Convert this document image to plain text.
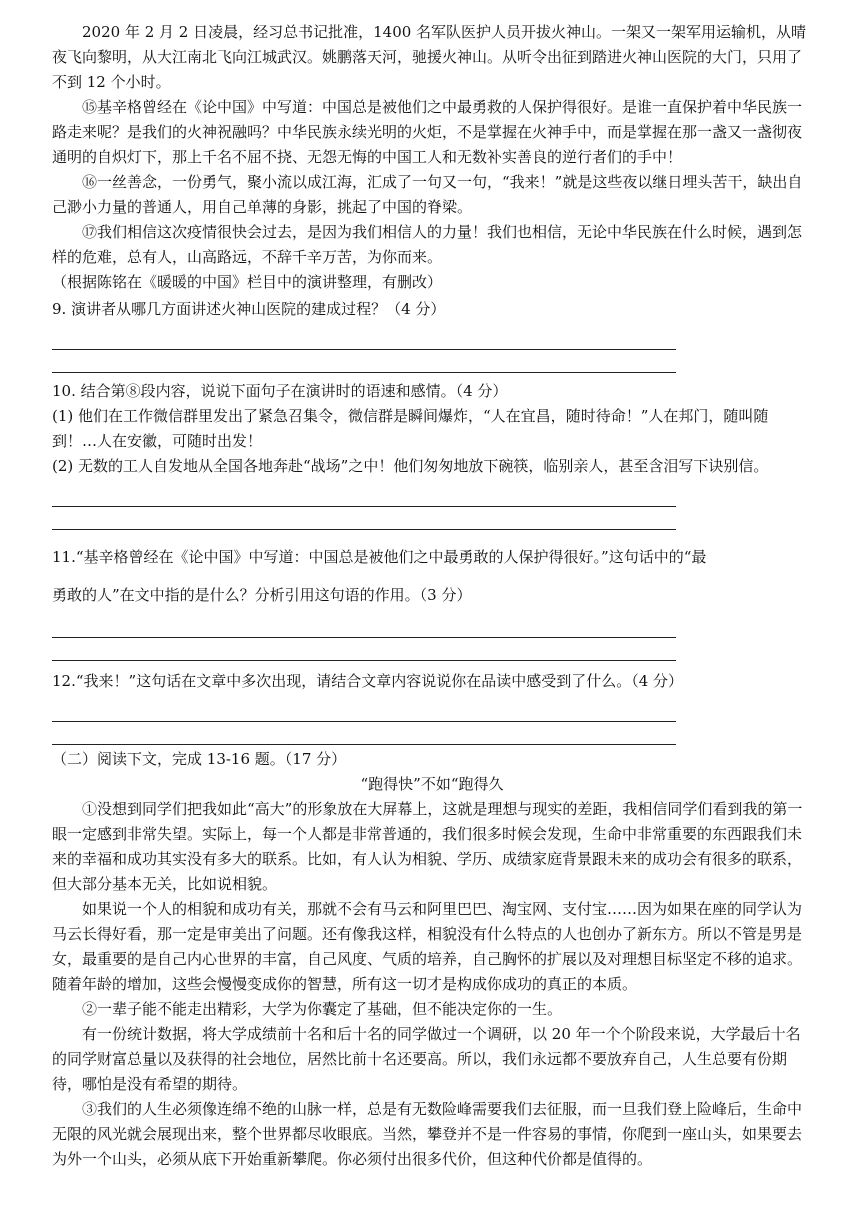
2020 年 2 月 2 日凌晨，经习总书记批准，1400 名军队医护人员开拔火神山。一架又一架军用运输机，从晴夜飞向黎明，从大江南北飞向江城武汉。姚鹏落天河，驰援火神山。从听令出征到踏进火神山医院的大门，只用了不到 12 个小时。

⑮基辛格曾经在《论中国》中写道：中国总是被他们之中最勇救的人保护得很好。是谁一直保护着中华民族一路走来呢？是我们的火神祝融吗？中华民族永续光明的火炬，不是掌握在火神手中，而是掌握在那一盏又一盏彻夜通明的自炽灯下，那上千名不屈不挠、无怨无悔的中国工人和无数补实善良的逆行者们的手中！

⑯一丝善念，一份勇气，聚小流以成江海，汇成了一句又一句，“我来！”就是这些夜以继日埋头苦干，缺出自己渺小力量的普通人，用自己单薄的身影，挑起了中国的脊梁。

⑰我们相信这次疫情很快会过去，是因为我们相信人的力量！我们也相信，无论中华民族在什么时候，遇到怎样的危难，总有人，山高路远，不辞千辛万苦，为你而来。

（根据陈铭在《暖暖的中国》栏目中的演讲整理，有删改）

9. 演讲者从哪几方面讲述火神山医院的建成过程？（4 分）

10. 结合第⑧段内容，说说下面句子在演讲时的语速和感情。（4 分）

(1) 他们在工作微信群里发出了紧急召集令，微信群是瞬间爆炸，“人在宜昌，随时待命！”人在邦门，随叫随到！…人在安徽，可随时出发！

(2) 无数的工人自发地从全国各地奔赴“战场”之中！他们匆匆地放下碗筷，临别亲人，甚至含泪写下诀别信。

11.“基辛格曾经在《论中国》中写道：中国总是被他们之中最勇敢的人保护得很好。”这句话中的“最

勇敢的人”在文中指的是什么？分析引用这句语的作用。（3 分）

12.“我来！”这句话在文章中多次出现，请结合文章内容说说你在品读中感受到了什么。（4 分）

（二）阅读下文，完成 13-16 题。（17 分）

“跑得快”不如“跑得久

①没想到同学们把我如此“高大”的形象放在大屏幕上，这就是理想与现实的差距，我相信同学们看到我的第一眼一定感到非常失望。实际上，每一个人都是非常普通的，我们很多时候会发现，生命中非常重要的东西跟我们未来的幸福和成功其实没有多大的联系。比如，有人认为相貌、学历、成绩家庭背景跟未来的成功会有很多的联系，但大部分基本无关，比如说相貌。

如果说一个人的相貌和成功有关，那就不会有马云和阿里巴巴、淘宝网、支付宝……因为如果在座的同学认为马云长得好看，那一定是审美出了问题。还有像我这样，相貌没有什么特点的人也创办了新东方。所以不管是男是女，最重要的是自己内心世界的丰富，自己风度、气质的培养，自己胸怀的扩展以及对理想目标坚定不移的追求。随着年龄的增加，这些会慢慢变成你的智慧，所有这一切才是构成你成功的真正的本质。

②一辈子能不能走出精彩，大学为你囊定了基础，但不能决定你的一生。

有一份统计数据，将大学成绩前十名和后十名的同学做过一个调研，以 20 年一个个阶段来说，大学最后十名的同学财富总量以及获得的社会地位，居然比前十名还要高。所以，我们永远都不要放弃自己，人生总要有份期待，哪怕是没有希望的期待。

③我们的人生必须像连绵不绝的山脉一样，总是有无数险峰需要我们去征服，而一旦我们登上险峰后，生命中无限的风光就会展现出来，整个世界都尽收眼底。当然，攀登并不是一件容易的事情，你爬到一座山头，如果要去为外一个山头，必须从底下开始重新攀爬。你必须付出很多代价，但这种代价都是值得的。
